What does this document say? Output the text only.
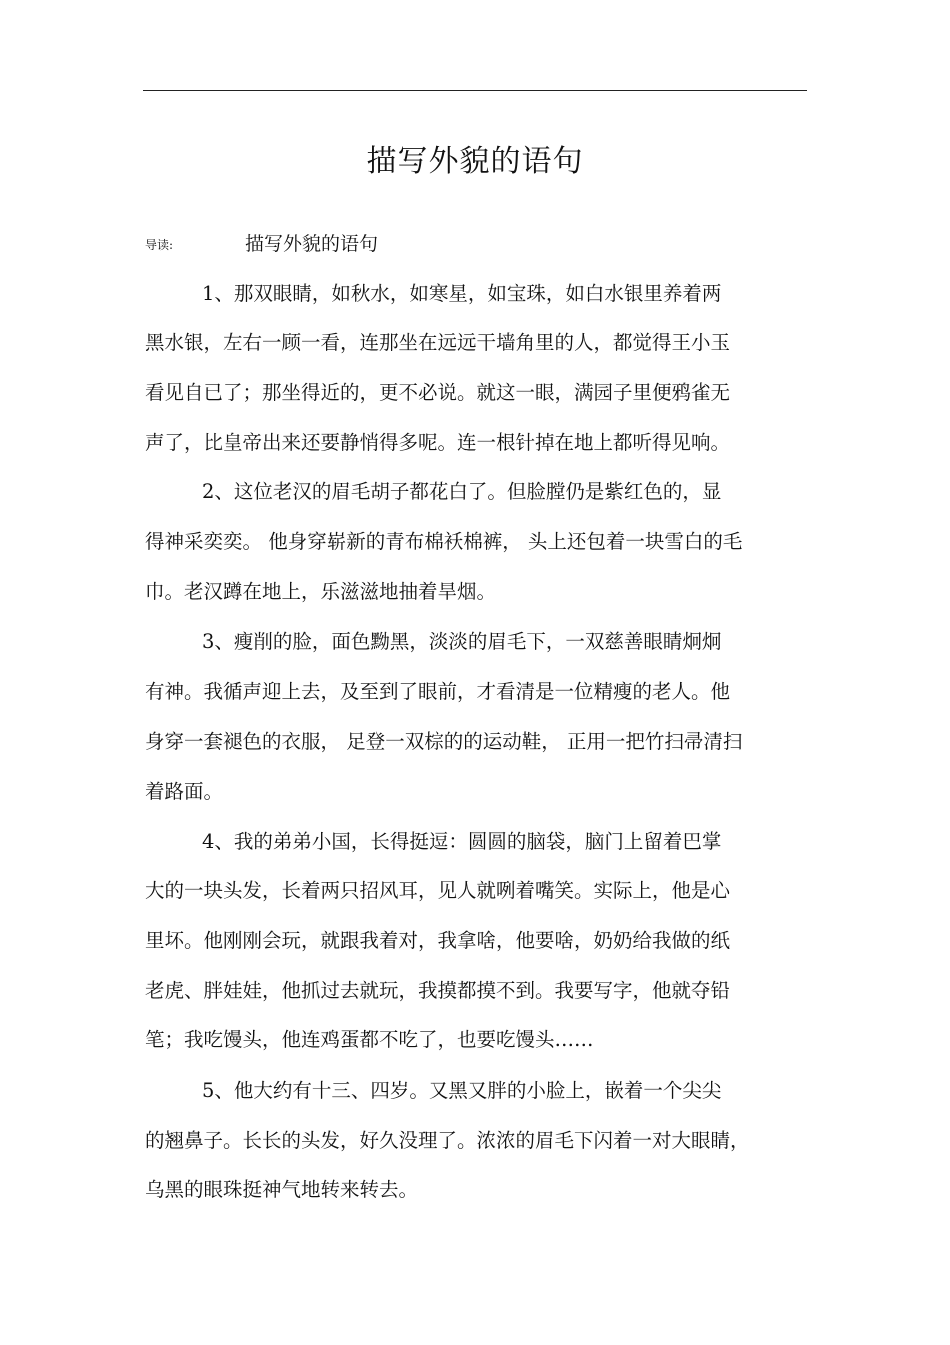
描写外貌的语句
导读:	描写外貌的语句
1、那双眼睛，如秋水，如寒星，如宝珠，如白水银里养着两
黑水银，左右一顾一看，连那坐在远远干墙角里的人，都觉得王小玉
看见自已了；那坐得近的，更不必说。就这一眼，满园子里便鸦雀无
声了，比皇帝出来还要静悄得多呢。连一根针掉在地上都听得见响。
2、这位老汉的眉毛胡子都花白了。但脸膛仍是紫红色的，显
得神采奕奕。 他身穿崭新的青布棉袄棉裤， 头上还包着一块雪白的毛
巾。老汉蹲在地上，乐滋滋地抽着旱烟。
3、瘦削的脸，面色黝黑，淡淡的眉毛下，一双慈善眼睛炯炯
有神。我循声迎上去，及至到了眼前，才看清是一位精瘦的老人。他
身穿一套褪色的衣服， 足登一双棕的的运动鞋， 正用一把竹扫帚清扫
着路面。
4、我的弟弟小国，长得挺逗：圆圆的脑袋，脑门上留着巴掌
大的一块头发，长着两只招风耳，见人就咧着嘴笑。实际上，他是心
里坏。他刚刚会玩，就跟我着对，我拿啥，他要啥，奶奶给我做的纸
老虎、胖娃娃，他抓过去就玩，我摸都摸不到。我要写字，他就夺铅
笔；我吃馒头，他连鸡蛋都不吃了，也要吃馒头……
5、他大约有十三、四岁。又黑又胖的小脸上，嵌着一个尖尖
的翘鼻子。长长的头发，好久没理了。浓浓的眉毛下闪着一对大眼睛，
乌黑的眼珠挺神气地转来转去。
